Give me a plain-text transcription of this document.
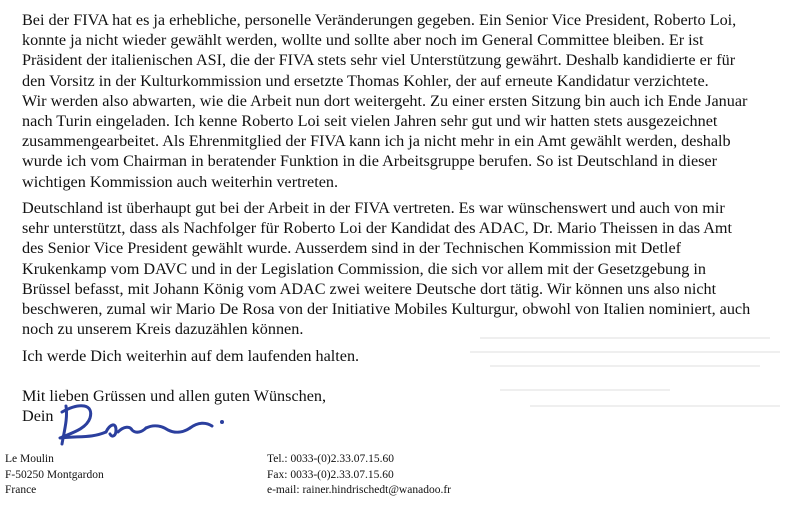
Bei der FIVA hat es ja erhebliche, personelle Veränderungen gegeben. Ein Senior Vice President, Roberto Loi,
konnte ja nicht wieder gewählt werden, wollte und sollte aber noch im General Committee bleiben. Er ist
Präsident der italienischen ASI, die der FIVA stets sehr viel Unterstützung gewährt. Deshalb kandidierte er für
den Vorsitz in der Kulturkommission und ersetzte Thomas Kohler, der auf erneute Kandidatur verzichtete.
Wir werden also abwarten, wie die Arbeit nun dort weitergeht. Zu einer ersten Sitzung bin auch ich Ende Januar
nach Turin eingeladen. Ich kenne Roberto Loi seit vielen Jahren sehr gut und wir hatten stets ausgezeichnet
zusammengearbeitet. Als Ehrenmitglied der FIVA kann ich ja nicht mehr in ein Amt gewählt werden, deshalb
wurde ich vom Chairman in beratender Funktion in die Arbeitsgruppe berufen. So ist Deutschland in dieser
wichtigen Kommission auch weiterhin vertreten.

Deutschland ist überhaupt gut bei der Arbeit in der FIVA vertreten. Es war wünschenswert und auch von mir
sehr unterstützt, dass als Nachfolger für Roberto Loi der Kandidat des ADAC, Dr. Mario Theissen in das Amt
des Senior Vice President gewählt wurde. Ausserdem sind in der Technischen Kommission mit Detlef
Krukenkamp vom DAVC und in der Legislation Commission, die sich vor allem mit der Gesetzgebung in
Brüssel befasst, mit Johann König vom ADAC zwei weitere Deutsche dort tätig. Wir können uns also nicht
beschweren, zumal wir Mario De Rosa von der Initiative Mobiles Kulturgur, obwohl von Italien nominiert, auch
noch zu unserem Kreis dazuzählen können.

Ich werde Dich weiterhin auf dem laufenden halten.

Mit lieben Grüssen und allen guten Wünschen,
Dein

Le Moulin
F-50250 Montgardon
France
Tel.: 0033-(0)2.33.07.15.60
Fax: 0033-(0)2.33.07.15.60
e-mail: rainer.hindrischedt@wanadoo.fr
